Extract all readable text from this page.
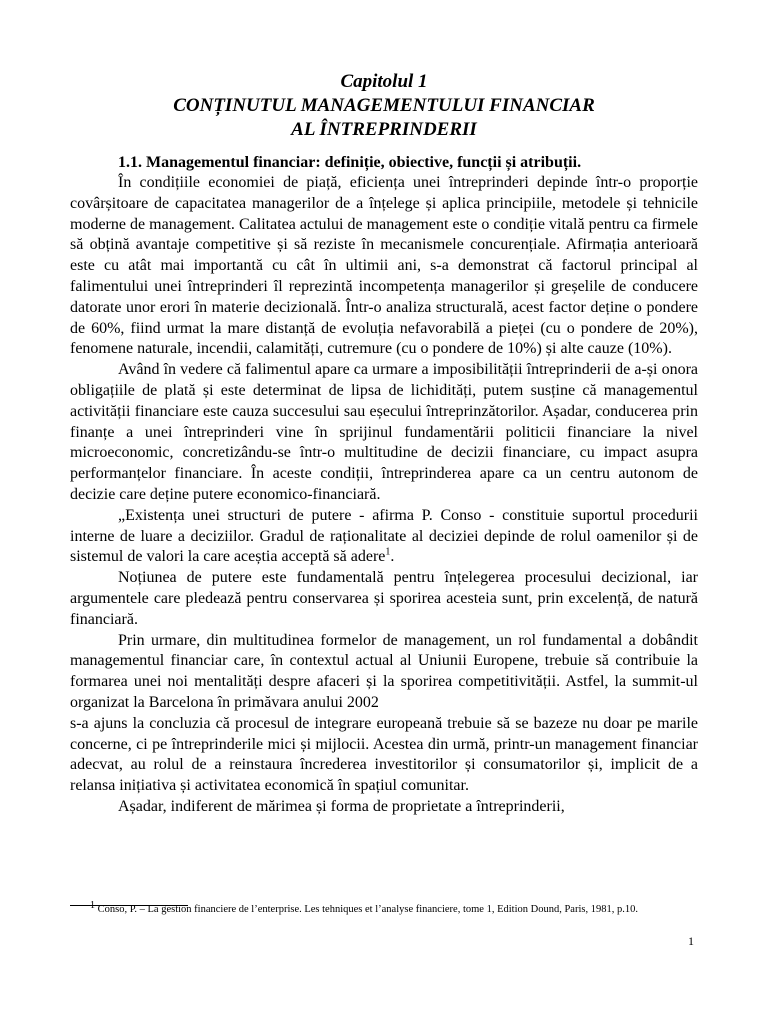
Capitolul 1
CONȚINUTUL MANAGEMENTULUI FINANCIAR
AL ÎNTREPRINDERII
1.1. Managementul financiar: definiție, obiective, funcții și atribuții.

În condițiile economiei de piață, eficiența unei întreprinderi depinde într-o proporție covârșitoare de capacitatea managerilor de a înțelege și aplica principiile, metodele și tehnicile moderne de management. Calitatea actului de management este o condiție vitală pentru ca firmele să obțină avantaje competitive și să reziste în mecanismele concurențiale. Afirmația anterioară este cu atât mai importantă cu cât în ultimii ani, s-a demonstrat că factorul principal al falimentului unei întreprinderi îl reprezintă incompetența managerilor și greșelile de conducere datorate unor erori în materie decizională. Într-o analiza structurală, acest factor deține o pondere de 60%, fiind urmat la mare distanță de evoluția nefavorabilă a pieței (cu o pondere de 20%), fenomene naturale, incendii, calamități, cutremure (cu o pondere de 10%) și alte cauze (10%).

Având în vedere că falimentul apare ca urmare a imposibilității întreprinderii de a-și onora obligațiile de plată și este determinat de lipsa de lichidități, putem susține că managementul activității financiare este cauza succesului sau eșecului întreprinzătorilor. Așadar, conducerea prin finanțe a unei întreprinderi vine în sprijinul fundamentării politicii financiare la nivel microeconomic, concretizându-se într-o multitudine de decizii financiare, cu impact asupra performanțelor financiare. În aceste condiții, întreprinderea apare ca un centru autonom de decizie care deține putere economico-financiară.

„Existența unei structuri de putere - afirma P. Conso - constituie suportul procedurii interne de luare a deciziilor. Gradul de raționalitate al deciziei depinde de rolul oamenilor și de sistemul de valori la care aceștia acceptă să adere$^1$.

Noțiunea de putere este fundamentală pentru înțelegerea procesului decizional, iar argumentele care pledează pentru conservarea și sporirea acesteia sunt, prin excelență, de natură financiară.

Prin urmare, din multitudinea formelor de management, un rol fundamental a dobândit managementul financiar care, în contextul actual al Uniunii Europene, trebuie să contribuie la formarea unei noi mentalități despre afaceri și la sporirea competitivității. Astfel, la summit-ul organizat la Barcelona în primăvara anului 2002

s-a ajuns la concluzia că procesul de integrare europeană trebuie să se bazeze nu doar pe marile concerne, ci pe întreprinderile mici și mijlocii. Acestea din urmă, printr-un management financiar adecvat, au rolul de a reinstaura încrederea investitorilor și consumatorilor și, implicit de a relansa inițiativa și activitatea economică în spațiul comunitar.

Așadar, indiferent de mărimea și forma de proprietate a întreprinderii,

$^1$ Conso, P. – La gestion financiere de l’enterprise. Les tehniques et l’analyse financiere, tome 1, Edition Dound, Paris, 1981, p.10.
1
